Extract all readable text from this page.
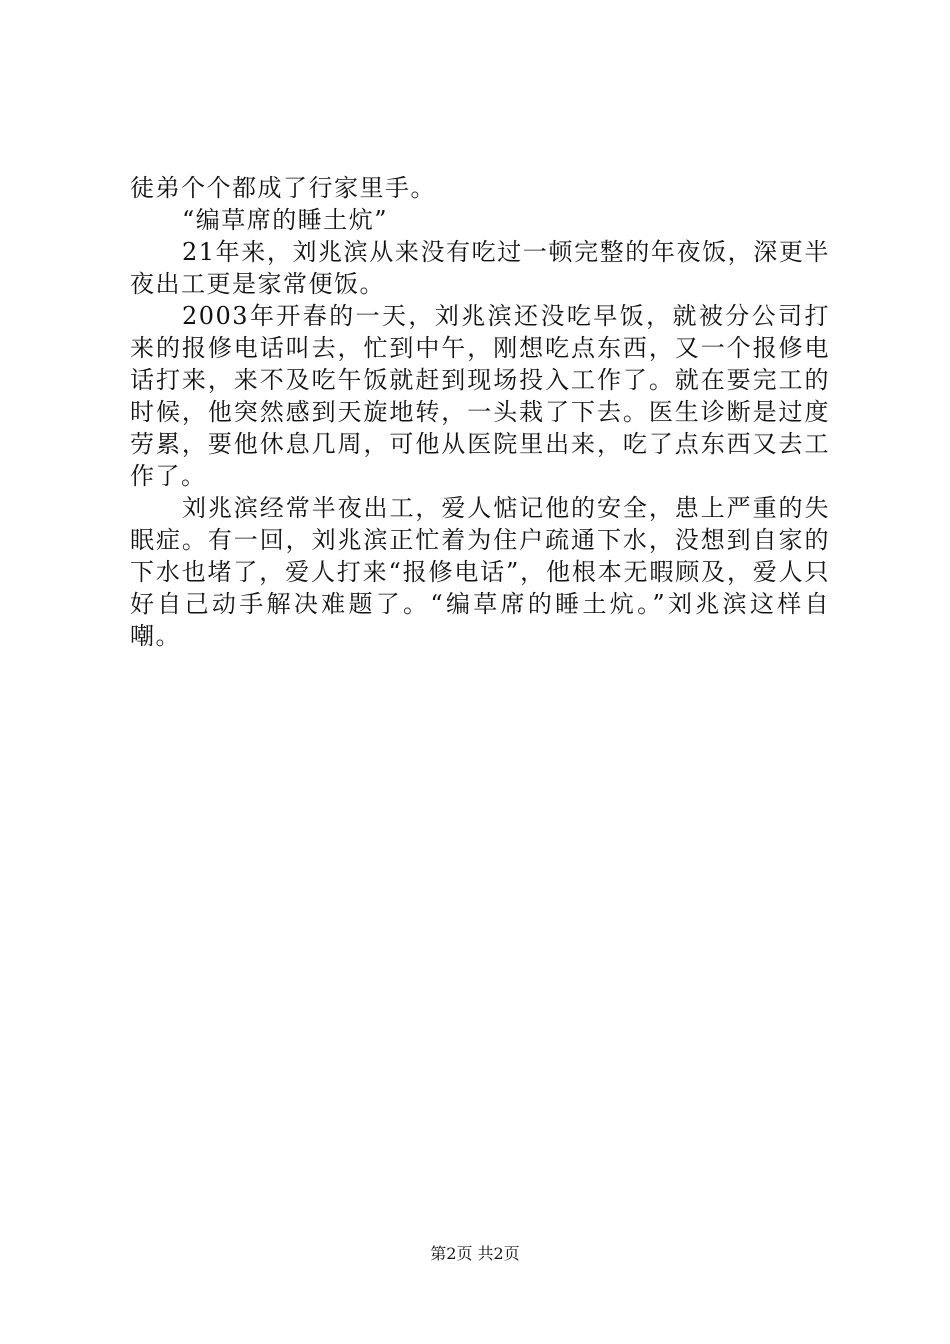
徒弟个个都成了行家里手。

“编草席的睡土炕”

21年来，刘兆滨从来没有吃过一顿完整的年夜饭，深更半夜出工更是家常便饭。

2003年开春的一天，刘兆滨还没吃早饭，就被分公司打来的报修电话叫去，忙到中午，刚想吃点东西，又一个报修电话打来，来不及吃午饭就赶到现场投入工作了。就在要完工的时候，他突然感到天旋地转，一头栽了下去。医生诊断是过度劳累，要他休息几周，可他从医院里出来，吃了点东西又去工作了。

刘兆滨经常半夜出工，爱人惦记他的安全，患上严重的失眠症。有一回，刘兆滨正忙着为住户疏通下水，没想到自家的下水也堵了，爱人打来“报修电话”，他根本无暇顾及，爱人只好自己动手解决难题了。“编草席的睡土炕。”刘兆滨这样自嘲。

第2页 共2页
